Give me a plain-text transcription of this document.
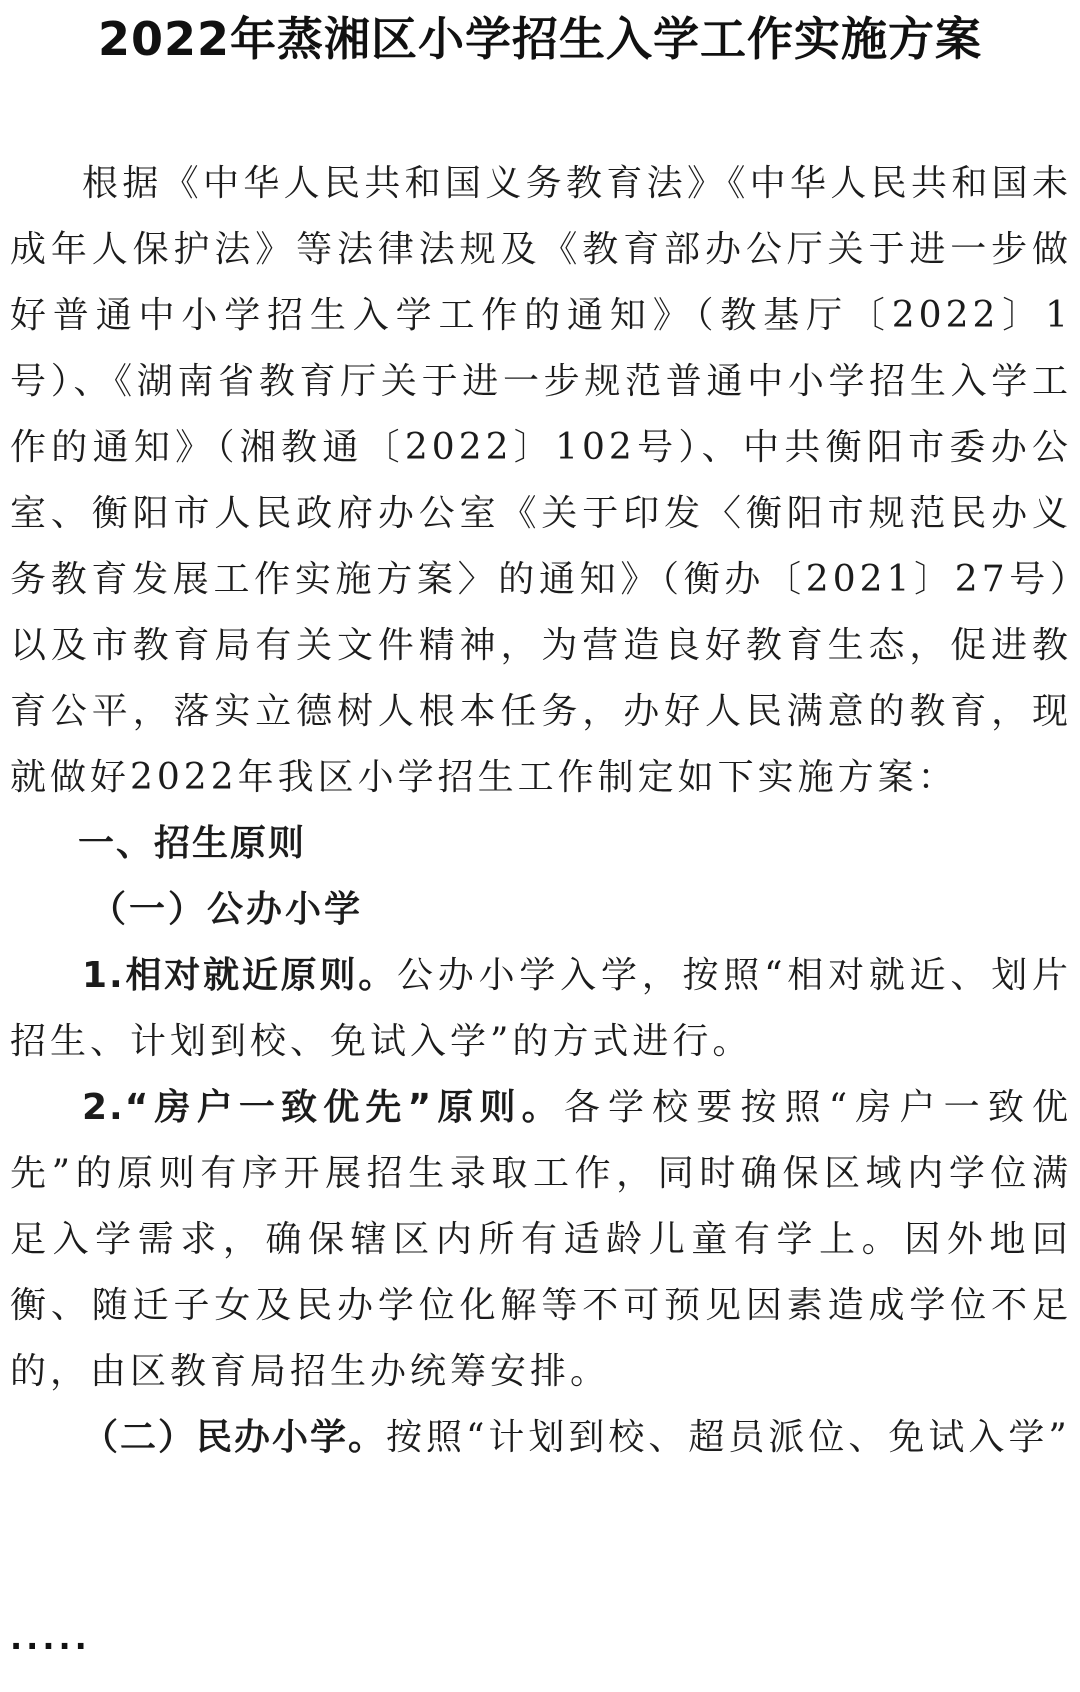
2022年蒸湘区小学招生入学工作实施方案

根据《中华人民共和国义务教育法》《中华人民共和国未成年人保护法》等法律法规及《教育部办公厅关于进一步做好普通中小学招生入学工作的通知》（教基厅〔2022〕1号）、《湖南省教育厅关于进一步规范普通中小学招生入学工作的通知》（湘教通〔2022〕102号）、中共衡阳市委办公室、衡阳市人民政府办公室《关于印发〈衡阳市规范民办义务教育发展工作实施方案〉的通知》（衡办〔2021〕27号）以及市教育局有关文件精神，为营造良好教育生态，促进教育公平，落实立德树人根本任务，办好人民满意的教育，现就做好2022年我区小学招生工作制定如下实施方案：

一、招生原则

（一）公办小学

1.相对就近原则。公办小学入学，按照“相对就近、划片招生、计划到校、免试入学”的方式进行。

2.“房户一致优先”原则。各学校要按照“房户一致优先”的原则有序开展招生录取工作，同时确保区域内学位满足入学需求，确保辖区内所有适龄儿童有学上。因外地回衡、随迁子女及民办学位化解等不可预见因素造成学位不足的，由区教育局招生办统筹安排。

（二）民办小学。按照“计划到校、超员派位、免试入学”

·····
